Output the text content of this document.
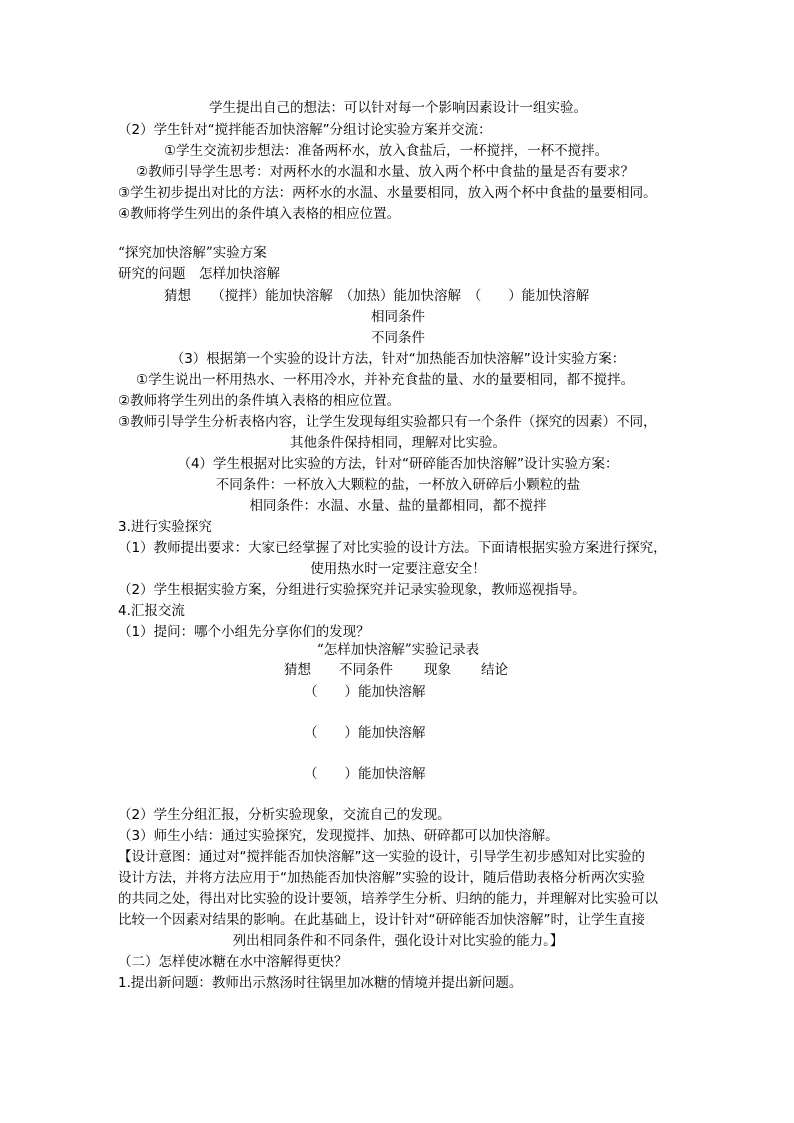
学生提出自己的想法：可以针对每一个影响因素设计一组实验。
（2）学生针对“搅拌能否加快溶解”分组讨论实验方案并交流：
①学生交流初步想法：准备两杯水，放入食盐后，一杯搅拌，一杯不搅拌。
②教师引导学生思考：对两杯水的水温和水量、放入两个杯中食盐的量是否有要求？
③学生初步提出对比的方法：两杯水的水温、水量要相同，放入两个杯中食盐的量要相同。
④教师将学生列出的条件填入表格的相应位置。
“探究加快溶解”实验方案
研究的问题　怎样加快溶解
猜想　　（搅拌）能加快溶解　（加热）能加快溶解　（　　）能加快溶解
相同条件
不同条件
（3）根据第一个实验的设计方法，针对“加热能否加快溶解”设计实验方案：
①学生说出一杯用热水、一杯用冷水，并补充食盐的量、水的量要相同，都不搅拌。
②教师将学生列出的条件填入表格的相应位置。
③教师引导学生分析表格内容，让学生发现每组实验都只有一个条件（探究的因素）不同，
其他条件保持相同，理解对比实验。
（4）学生根据对比实验的方法，针对“研碎能否加快溶解”设计实验方案：
不同条件：一杯放入大颗粒的盐，一杯放入研碎后小颗粒的盐
相同条件：水温、水量、盐的量都相同，都不搅拌
3.进行实验探究
（1）教师提出要求：大家已经掌握了对比实验的设计方法。下面请根据实验方案进行探究，
使用热水时一定要注意安全！
（2）学生根据实验方案，分组进行实验探究并记录实验现象，教师巡视指导。
4.汇报交流
（1）提问：哪个小组先分享你们的发现？
“怎样加快溶解”实验记录表
猜想 不同条件 现象 结论
（　　）能加快溶解
（　　）能加快溶解
（　　）能加快溶解
（2）学生分组汇报，分析实验现象，交流自己的发现。
（3）师生小结：通过实验探究，发现搅拌、加热、研碎都可以加快溶解。
【设计意图：通过对“搅拌能否加快溶解”这一实验的设计，引导学生初步感知对比实验的
设计方法，并将方法应用于“加热能否加快溶解”实验的设计，随后借助表格分析两次实验
的共同之处，得出对比实验的设计要领，培养学生分析、归纳的能力，并理解对比实验可以
比较一个因素对结果的影响。在此基础上，设计针对“研碎能否加快溶解”时，让学生直接
列出相同条件和不同条件，强化设计对比实验的能力。】
（二）怎样使冰糖在水中溶解得更快？
1.提出新问题：教师出示熬汤时往锅里加冰糖的情境并提出新问题。
